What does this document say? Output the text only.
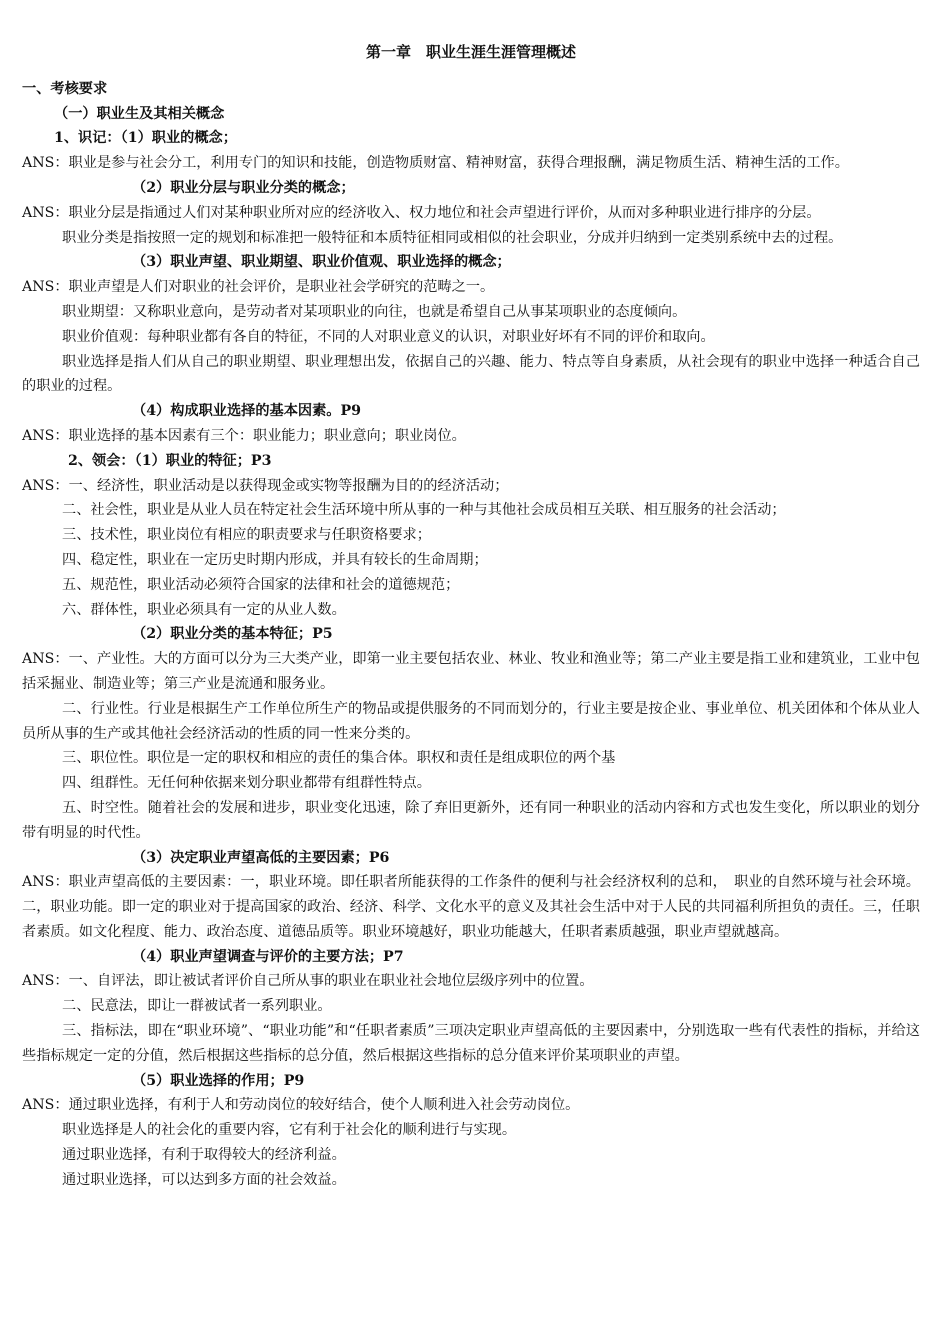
第一章　职业生涯生涯管理概述
一、考核要求
（一）职业生及其相关概念
1、识记：（1）职业的概念；
ANS：职业是参与社会分工，利用专门的知识和技能，创造物质财富、精神财富，获得合理报酬，满足物质生活、精神生活的工作。
（2）职业分层与职业分类的概念；
ANS：职业分层是指通过人们对某种职业所对应的经济收入、权力地位和社会声望进行评价，从而对多种职业进行排序的分层。
职业分类是指按照一定的规划和标准把一般特征和本质特征相同或相似的社会职业，分成并归纳到一定类别系统中去的过程。
（3）职业声望、职业期望、职业价值观、职业选择的概念；
ANS：职业声望是人们对职业的社会评价，是职业社会学研究的范畴之一。
职业期望：又称职业意向，是劳动者对某项职业的向往，也就是希望自己从事某项职业的态度倾向。
职业价值观：每种职业都有各自的特征，不同的人对职业意义的认识，对职业好坏有不同的评价和取向。
职业选择是指人们从自己的职业期望、职业理想出发，依据自己的兴趣、能力、特点等自身素质，从社会现有的职业中选择一种适合自己的职业的过程。
（4）构成职业选择的基本因素。P9
ANS：职业选择的基本因素有三个：职业能力；职业意向；职业岗位。
2、领会：（1）职业的特征；P3
ANS：一、经济性，职业活动是以获得现金或实物等报酬为目的的经济活动；
二、社会性，职业是从业人员在特定社会生活环境中所从事的一种与其他社会成员相互关联、相互服务的社会活动；
三、技术性，职业岗位有相应的职责要求与任职资格要求；
四、稳定性，职业在一定历史时期内形成，并具有较长的生命周期；
五、规范性，职业活动必须符合国家的法律和社会的道德规范；
六、群体性，职业必须具有一定的从业人数。
（2）职业分类的基本特征；P5
ANS：一、产业性。大的方面可以分为三大类产业，即第一业主要包括农业、林业、牧业和渔业等；第二产业主要是指工业和建筑业，工业中包括采掘业、制造业等；第三产业是流通和服务业。
二、行业性。行业是根据生产工作单位所生产的物品或提供服务的不同而划分的，行业主要是按企业、事业单位、机关团体和个体从业人员所从事的生产或其他社会经济活动的性质的同一性来分类的。
三、职位性。职位是一定的职权和相应的责任的集合体。职权和责任是组成职位的两个基
四、组群性。无任何种依据来划分职业都带有组群性特点。
五、时空性。随着社会的发展和进步，职业变化迅速，除了弃旧更新外，还有同一种职业的活动内容和方式也发生变化，所以职业的划分带有明显的时代性。
（3）决定职业声望高低的主要因素；P6
ANS：职业声望高低的主要因素：一，职业环境。即任职者所能获得的工作条件的便利与社会经济权利的总和，　职业的自然环境与社会环境。二，职业功能。即一定的职业对于提高国家的政治、经济、科学、文化水平的意义及其社会生活中对于人民的共同福利所担负的责任。三，任职者素质。如文化程度、能力、政治态度、道德品质等。职业环境越好，职业功能越大，任职者素质越强，职业声望就越高。
（4）职业声望调查与评价的主要方法；P7
ANS：一、自评法，即让被试者评价自己所从事的职业在职业社会地位层级序列中的位置。
二、民意法，即让一群被试者一系列职业。
三、指标法，即在“职业环境”、“职业功能”和“任职者素质”三项决定职业声望高低的主要因素中，分别选取一些有代表性的指标，并给这些指标规定一定的分值，然后根据这些指标的总分值，然后根据这些指标的总分值来评价某项职业的声望。
（5）职业选择的作用；P9
ANS：通过职业选择，有利于人和劳动岗位的较好结合，使个人顺利进入社会劳动岗位。
职业选择是人的社会化的重要内容，它有利于社会化的顺利进行与实现。
通过职业选择，有利于取得较大的经济利益。
通过职业选择，可以达到多方面的社会效益。
